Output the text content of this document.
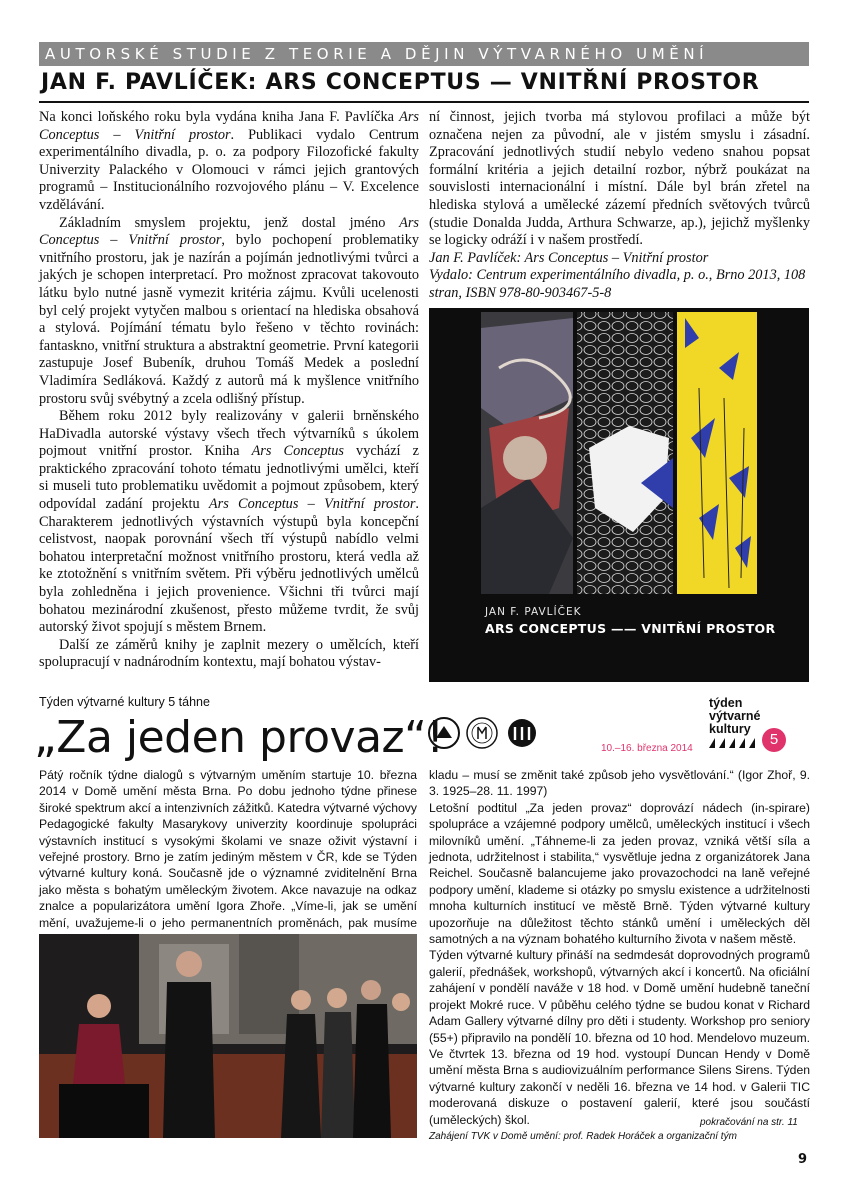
AUTORSKÉ STUDIE Z TEORIE A DĚJIN VÝTVARNÉHO UMĚNÍ
JAN F. PAVLÍČEK: ARS CONCEPTUS — VNITŘNÍ PROSTOR

Na konci loňského roku byla vydána kniha Jana F. Pavlíčka Ars Conceptus – Vnitřní prostor. Publikaci vydalo Centrum experimentálního divadla, p. o. za podpory Filozofické fakulty Univerzity Palackého v Olomouci v rámci jejich grantových programů – Institucionálního rozvojového plánu – V. Excelence vzdělávání.

Základním smyslem projektu, jenž dostal jméno Ars Conceptus – Vnitřní prostor, bylo pochopení problematiky vnitřního prostoru, jak je nazírán a pojímán jednotlivými tvůrci a jakých je schopen interpretací. Pro možnost zpracovat takovouto látku bylo nutné jasně vymezit kritéria zájmu. Kvůli ucelenosti byl celý projekt vytyčen malbou s orientací na hlediska obsahová a stylová. Pojímání tématu bylo řešeno v těchto rovinách: fantaskno, vnitřní struktura a abstraktní geometrie. První kategorii zastupuje Josef Bubeník, druhou Tomáš Medek a poslední Vladimíra Sedláková. Každý z autorů má k myšlence vnitřního prostoru svůj svébytný a zcela odlišný přístup.

Během roku 2012 byly realizovány v galerii brněnského HaDivadla autorské výstavy všech třech výtvarníků s úkolem pojmout vnitřní prostor. Kniha Ars Conceptus vychází z praktického zpracování tohoto tématu jednotlivými umělci, kteří si museli tuto problematiku uvědomit a pojmout způsobem, který odpovídal zadání projektu Ars Conceptus – Vnitřní prostor. Charakterem jednotlivých výstavních výstupů byla koncepční celistvost, naopak porovnání všech tří výstupů nabídlo velmi bohatou interpretační možnost vnitřního prostoru, která vedla až ke ztotožnění s vnitřním světem. Při výběru jednotlivých umělců byla zohledněna i jejich provenience. Všichni tři tvůrci mají bohatou mezinárodní zkušenost, přesto můžeme tvrdit, že svůj autorský život spojují s městem Brnem.

Další ze záměrů knihy je zaplnit mezery o umělcích, kteří spolupracují v nadnárodním kontextu, mají bohatou výstav-

ní činnost, jejich tvorba má stylovou profilaci a může být označena nejen za původní, ale v jistém smyslu i zásadní. Zpracování jednotlivých studií nebylo vedeno snahou popsat formální kritéria a jejich detailní rozbor, nýbrž poukázat na souvislosti internacionální i místní. Dále byl brán zřetel na hlediska stylová a umělecké zázemí předních světových tvůrců (studie Donalda Judda, Arthura Schwarze, ap.), jejichž myšlenky se logicky odráží i v našem prostředí.

Jan F. Pavlíček: Ars Conceptus – Vnitřní prostor

Vydalo: Centrum experimentálního divadla, p. o., Brno 2013, 108 stran, ISBN 978-80-903467-5-8

JAN F. PAVLÍČEK
ARS CONCEPTUS —— VNITŘNÍ PROSTOR
Týden výtvarné kultury 5 táhne
„Za jeden provaz“!	10.–16. března 2014
týden
výtvarné
kultury
5
Pátý ročník týdne dialogů s výtvarným uměním startuje 10. března 2014 v Domě umění města Brna. Po dobu jednoho týdne přinese široké spektrum akcí a intenzivních zážitků. Katedra výtvarné výchovy Pedagogické fakulty Masarykovy univerzity koordinuje spolupráci výstavních institucí s vysokými školami ve snaze oživit výstavní i veřejné prostory. Brno je zatím jediným městem v ČR, kde se Týden výtvarné kultury koná. Současně jde o významné zviditelnění Brna jako města s bohatým uměleckým životem. Akce navazuje na odkaz znalce a popularizátora umění Igora Zhoře. „Víme-li, jak se umění mění, uvažujeme-li o jeho permanentních proměnách, pak musíme

kladu – musí se změnit také způsob jeho vysvětlování.“ (Igor Zhoř, 9. 3. 1925–28. 11. 1997)

Letošní podtitul „Za jeden provaz“ doprovází nádech (in-spirare) spolupráce a vzájemné podpory umělců, uměleckých institucí i všech milovníků umění. „Táhneme-li za jeden provaz, vzniká větší síla a jednota, udržitelnost i stabilita,“ vysvětluje jedna z organizátorek Jana Reichel. Současně balancujeme jako provazochodci na laně veřejné podpory umění, klademe si otázky po smyslu existence a udržitelnosti mnoha kulturních institucí ve městě Brně. Týden výtvarné kultury upozorňuje na důležitost těchto stánků umění i uměleckých děl samotných a na význam bohatého kulturního života v našem městě.

Týden výtvarné kultury přináší na sedmdesát doprovodných programů galerií, přednášek, workshopů, výtvarných akcí i koncertů. Na oficiální zahájení v pondělí naváže v 18 hod. v Domě umění hudebně taneční projekt Mokré ruce. V půběhu celého týdne se budou konat v Richard Adam Gallery výtvarné dílny pro děti i studenty. Workshop pro seniory (55+) připravilo na pondělí 10. března od 10 hod. Mendelovo muzeum. Ve čtvrtek 13. března od 19 hod. vystoupí Duncan Hendy v Domě umění města Brna s audiovizuálním performance Silens Sirens. Týden výtvarné kultury zakončí v neděli 16. března ve 14 hod. v Galerii TIC moderovaná diskuze o postavení galerií, které jsou součástí (uměleckých) škol.	pokračování na str. 11
Zahájení TVK v Domě umění: prof. Radek Horáček a organizační tým
9
